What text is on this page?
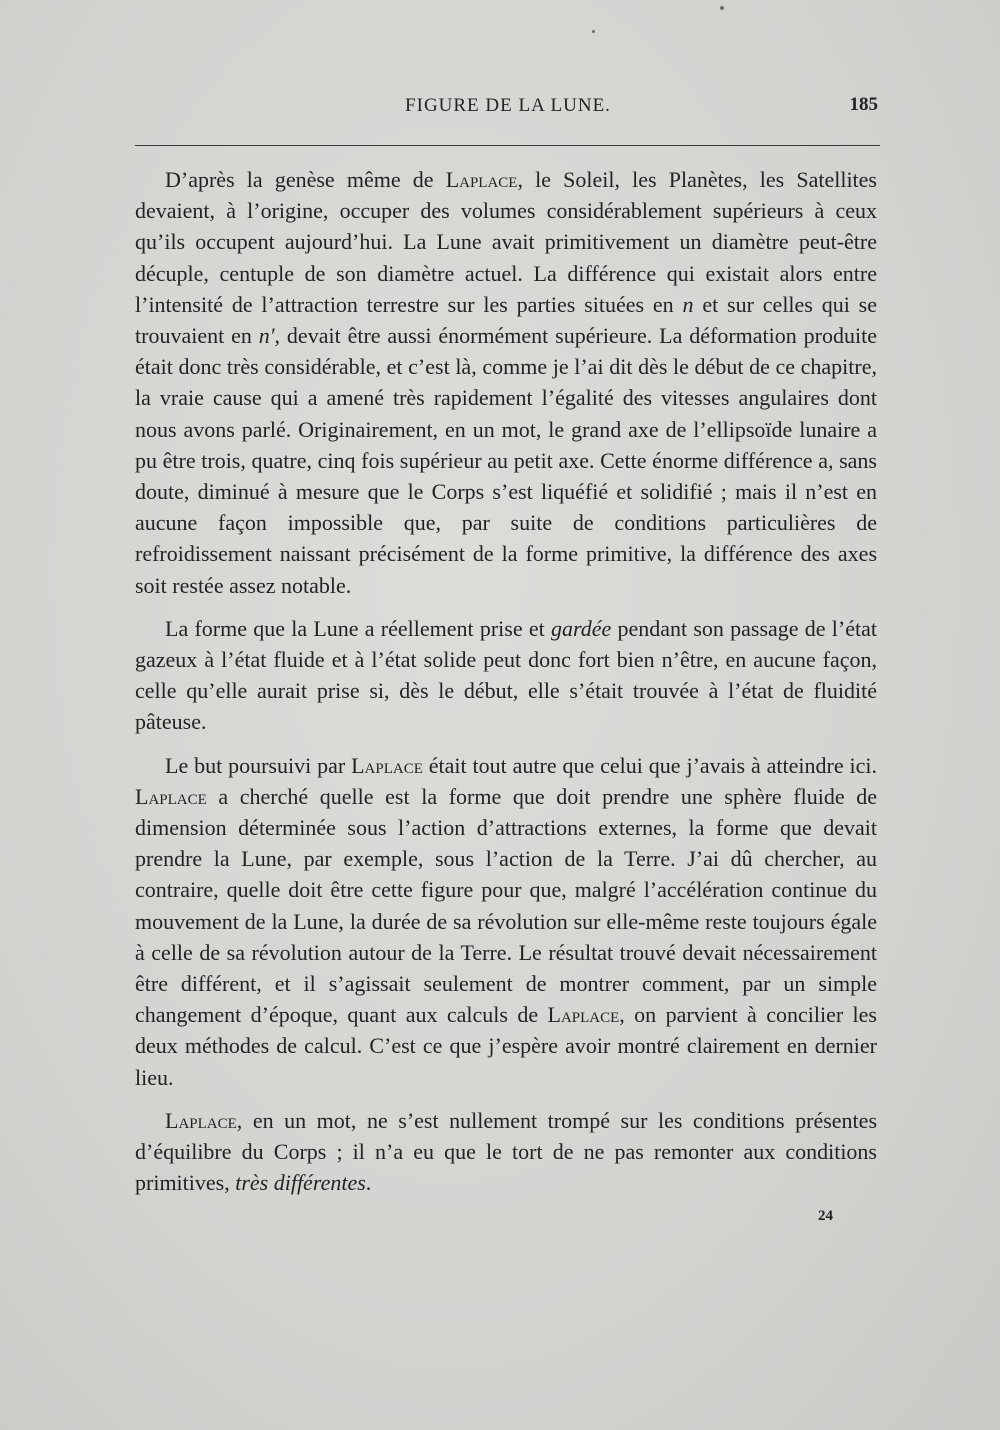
FIGURE DE LA LUNE.	185

D’après la genèse même de Laplace, le Soleil, les Planètes, les Satellites devaient, à l’origine, occuper des volumes considérablement supérieurs à ceux qu’ils occupent aujourd’hui. La Lune avait primitivement un diamètre peut-être décuple, centuple de son diamètre actuel. La différence qui existait alors entre l’intensité de l’attraction terrestre sur les parties situées en n et sur celles qui se trouvaient en n′, devait être aussi énormément supérieure. La déformation produite était donc très considérable, et c’est là, comme je l’ai dit dès le début de ce chapitre, la vraie cause qui a amené très rapidement l’égalité des vitesses angulaires dont nous avons parlé. Originairement, en un mot, le grand axe de l’ellipsoïde lunaire a pu être trois, quatre, cinq fois supérieur au petit axe. Cette énorme différence a, sans doute, diminué à mesure que le Corps s’est liquéfié et solidifié ; mais il n’est en aucune façon impossible que, par suite de conditions particulières de refroidissement naissant précisément de la forme primitive, la différence des axes soit restée assez notable.

La forme que la Lune a réellement prise et gardée pendant son passage de l’état gazeux à l’état fluide et à l’état solide peut donc fort bien n’être, en aucune façon, celle qu’elle aurait prise si, dès le début, elle s’était trouvée à l’état de fluidité pâteuse.

Le but poursuivi par Laplace était tout autre que celui que j’avais à atteindre ici. Laplace a cherché quelle est la forme que doit prendre une sphère fluide de dimension déterminée sous l’action d’attractions externes, la forme que devait prendre la Lune, par exemple, sous l’action de la Terre. J’ai dû chercher, au contraire, quelle doit être cette figure pour que, malgré l’accélération continue du mouvement de la Lune, la durée de sa révolution sur elle-même reste toujours égale à celle de sa révolution autour de la Terre. Le résultat trouvé devait nécessairement être différent, et il s’agissait seulement de montrer comment, par un simple changement d’époque, quant aux calculs de Laplace, on parvient à concilier les deux méthodes de calcul. C’est ce que j’espère avoir montré clairement en dernier lieu.

Laplace, en un mot, ne s’est nullement trompé sur les conditions présentes d’équilibre du Corps ; il n’a eu que le tort de ne pas remonter aux conditions primitives, très différentes.

24
